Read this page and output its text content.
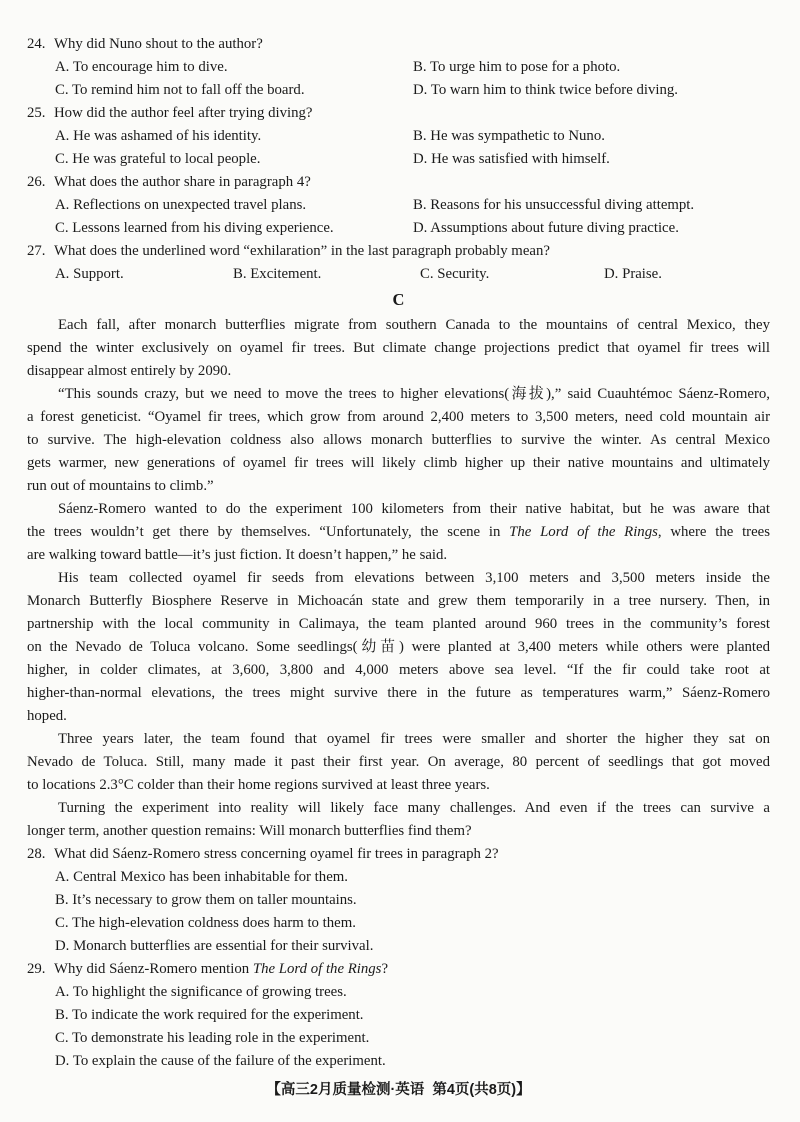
24. Why did Nuno shout to the author?
A. To encourage him to dive.	B. To urge him to pose for a photo.
C. To remind him not to fall off the board.	D. To warn him to think twice before diving.
25. How did the author feel after trying diving?
A. He was ashamed of his identity.	B. He was sympathetic to Nuno.
C. He was grateful to local people.	D. He was satisfied with himself.
26. What does the author share in paragraph 4?
A. Reflections on unexpected travel plans.	B. Reasons for his unsuccessful diving attempt.
C. Lessons learned from his diving experience.	D. Assumptions about future diving practice.
27. What does the underlined word “exhilaration” in the last paragraph probably mean?
A. Support.	B. Excitement.	C. Security.	D. Praise.
C
Each fall, after monarch butterflies migrate from southern Canada to the mountains of central Mexico, they
spend the winter exclusively on oyamel fir trees. But climate change projections predict that oyamel fir trees will
disappear almost entirely by 2090.
“This sounds crazy, but we need to move the trees to higher elevations(海拔),” said Cuauhtémoc Sáenz-Romero,
a forest geneticist. “Oyamel fir trees, which grow from around 2,400 meters to 3,500 meters, need cold mountain air
to survive. The high-elevation coldness also allows monarch butterflies to survive the winter. As central Mexico
gets warmer, new generations of oyamel fir trees will likely climb higher up their native mountains and ultimately
run out of mountains to climb.”
Sáenz-Romero wanted to do the experiment 100 kilometers from their native habitat, but he was aware that
the trees wouldn’t get there by themselves. “Unfortunately, the scene in The Lord of the Rings, where the trees
are walking toward battle—it’s just fiction. It doesn’t happen,” he said.
His team collected oyamel fir seeds from elevations between 3,100 meters and 3,500 meters inside the
Monarch Butterfly Biosphere Reserve in Michoacán state and grew them temporarily in a tree nursery. Then, in
partnership with the local community in Calimaya, the team planted around 960 trees in the community’s forest
on the Nevado de Toluca volcano. Some seedlings(幼苗) were planted at 3,400 meters while others were planted
higher, in colder climates, at 3,600, 3,800 and 4,000 meters above sea level. “If the fir could take root at
higher-than-normal elevations, the trees might survive there in the future as temperatures warm,” Sáenz-Romero
hoped.
Three years later, the team found that oyamel fir trees were smaller and shorter the higher they sat on
Nevado de Toluca. Still, many made it past their first year. On average, 80 percent of seedlings that got moved
to locations 2.3°C colder than their home regions survived at least three years.
Turning the experiment into reality will likely face many challenges. And even if the trees can survive a
longer term, another question remains: Will monarch butterflies find them?
28. What did Sáenz-Romero stress concerning oyamel fir trees in paragraph 2?
A. Central Mexico has been inhabitable for them.
B. It’s necessary to grow them on taller mountains.
C. The high-elevation coldness does harm to them.
D. Monarch butterflies are essential for their survival.
29. Why did Sáenz-Romero mention The Lord of the Rings?
A. To highlight the significance of growing trees.
B. To indicate the work required for the experiment.
C. To demonstrate his leading role in the experiment.
D. To explain the cause of the failure of the experiment.
【高三2月质量检测·英语  第4页(共8页)】
